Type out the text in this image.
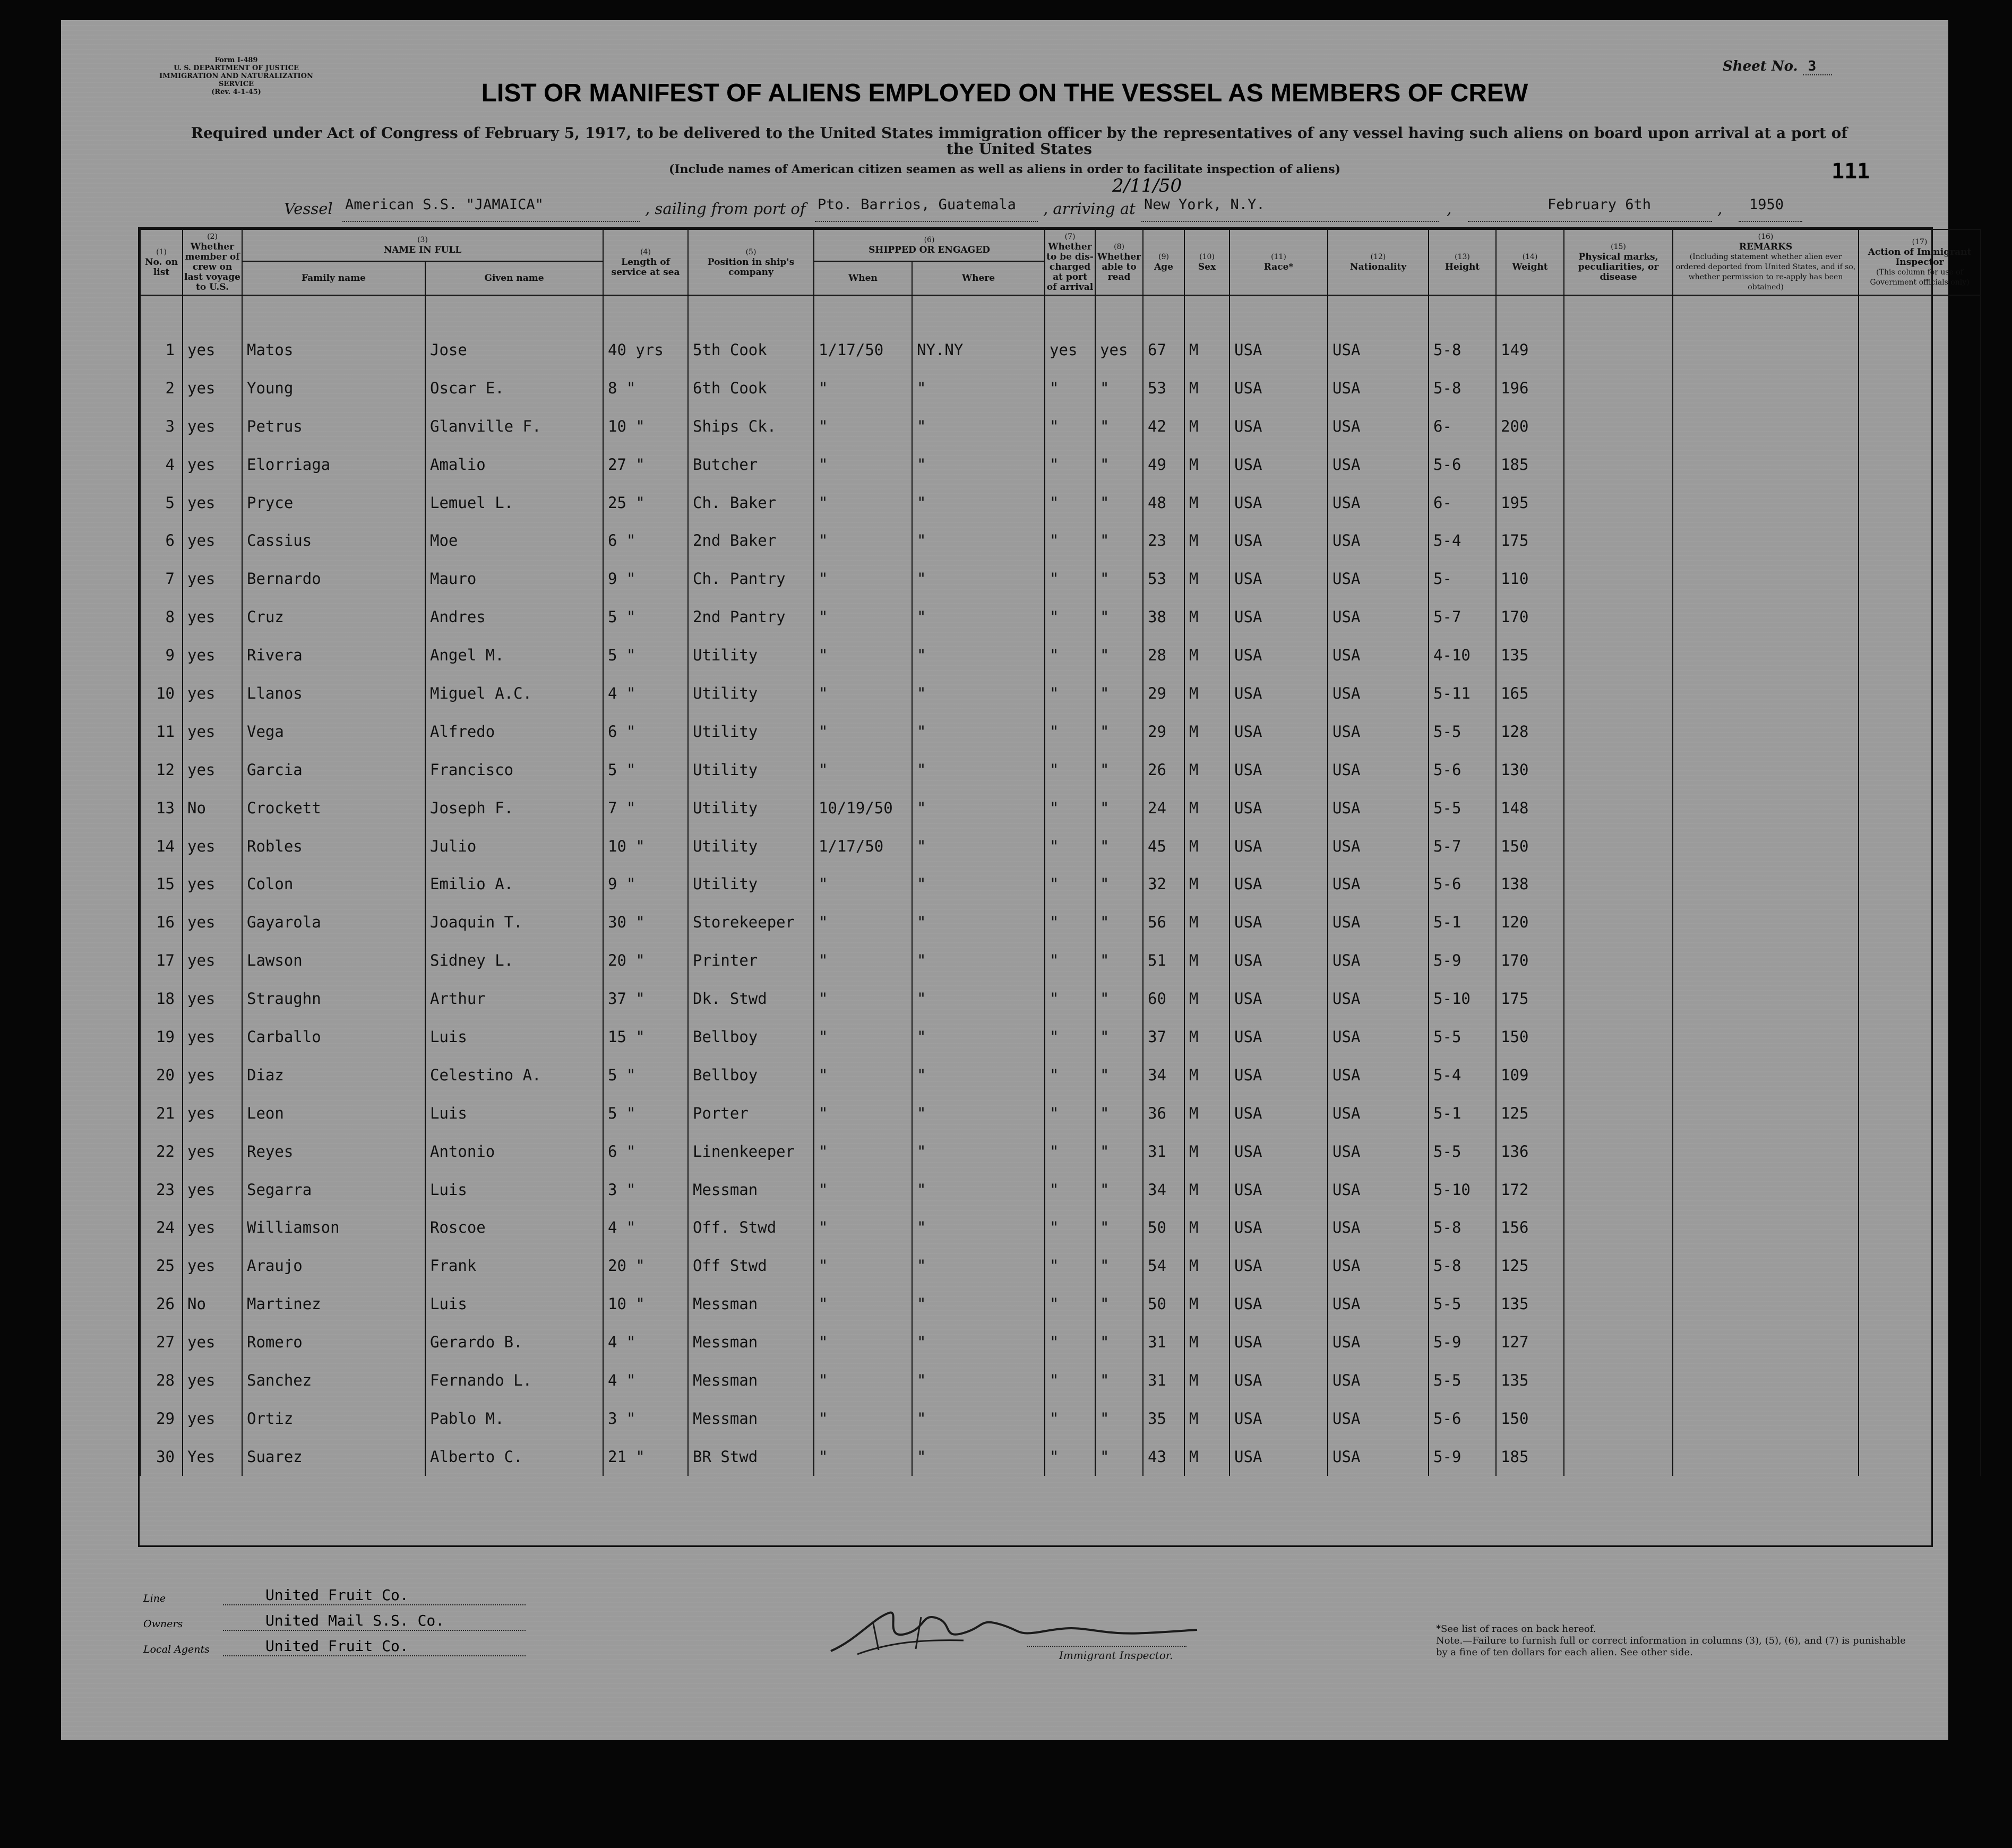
Form I-489
U. S. DEPARTMENT OF JUSTICE
IMMIGRATION AND NATURALIZATION SERVICE
(Rev. 4-1-45)
Sheet No. 3
LIST OR MANIFEST OF ALIENS EMPLOYED ON THE VESSEL AS MEMBERS OF CREW
Required under Act of Congress of February 5, 1917, to be delivered to the United States immigration officer by the representatives of any vessel having such aliens on board upon arrival at a port of the United States
(Include names of American citizen seamen as well as aliens in order to facilitate inspection of aliens)
2/11/50
111
Vessel American S.S. "JAMAICA"	, sailing from port of Pto. Barrios, Guatemala , arriving at New York, N.Y.	,	February 6th	, 1950
(1)
No. on list	(2)
Whether member of crew on last voyage to U.S.	(3)
NAME IN FULL		(4)
Length of service at sea	(5)
Position in ship's company	(6)
SHIPPED OR ENGAGED		(7)
Whether to be dis-charged at port of arrival	(8)
Whether able to read	(9)
Age	(10)
Sex	(11)
Race*	(12)
Nationality	(13)
Height	(14)
Weight	(15)
Physical marks, peculiarities, or disease	(16)
REMARKS
(Including statement whether alien ever ordered deported from United States, and if so, whether permission to re-apply has been obtained)	(17)
Action of Immigrant Inspector
(This column for use of Government officials only)

		Family name	Given name			When	Where											

1	yes	Matos	Jose	40 yrs	5th Cook	1/17/50	NY.NY	yes	yes	67	M	USA	USA	5-8	149			
2	yes	Young	Oscar E.	8 "	6th Cook	"	"	"	"	53	M	USA	USA	5-8	196			
3	yes	Petrus	Glanville F.	10 "	Ships Ck.	"	"	"	"	42	M	USA	USA	6-	200			
4	yes	Elorriaga	Amalio	27 "	Butcher	"	"	"	"	49	M	USA	USA	5-6	185			
5	yes	Pryce	Lemuel L.	25 "	Ch. Baker	"	"	"	"	48	M	USA	USA	6-	195			
6	yes	Cassius	Moe	6 "	2nd Baker	"	"	"	"	23	M	USA	USA	5-4	175			
7	yes	Bernardo	Mauro	9 "	Ch. Pantry	"	"	"	"	53	M	USA	USA	5-	110			
8	yes	Cruz	Andres	5 "	2nd Pantry	"	"	"	"	38	M	USA	USA	5-7	170			
9	yes	Rivera	Angel M.	5 "	Utility	"	"	"	"	28	M	USA	USA	4-10	135			
10	yes	Llanos	Miguel A.C.	4 "	Utility	"	"	"	"	29	M	USA	USA	5-11	165			
11	yes	Vega	Alfredo	6 "	Utility	"	"	"	"	29	M	USA	USA	5-5	128			
12	yes	Garcia	Francisco	5 "	Utility	"	"	"	"	26	M	USA	USA	5-6	130			
13	No	Crockett	Joseph F.	7 "	Utility	10/19/50	"	"	"	24	M	USA	USA	5-5	148			
14	yes	Robles	Julio	10 "	Utility	1/17/50	"	"	"	45	M	USA	USA	5-7	150			
15	yes	Colon	Emilio A.	9 "	Utility	"	"	"	"	32	M	USA	USA	5-6	138			
16	yes	Gayarola	Joaquin T.	30 "	Storekeeper	"	"	"	"	56	M	USA	USA	5-1	120			
17	yes	Lawson	Sidney L.	20 "	Printer	"	"	"	"	51	M	USA	USA	5-9	170			
18	yes	Straughn	Arthur	37 "	Dk. Stwd	"	"	"	"	60	M	USA	USA	5-10	175			
19	yes	Carballo	Luis	15 "	Bellboy	"	"	"	"	37	M	USA	USA	5-5	150			
20	yes	Diaz	Celestino A.	5 "	Bellboy	"	"	"	"	34	M	USA	USA	5-4	109			
21	yes	Leon	Luis	5 "	Porter	"	"	"	"	36	M	USA	USA	5-1	125			
22	yes	Reyes	Antonio	6 "	Linenkeeper	"	"	"	"	31	M	USA	USA	5-5	136			
23	yes	Segarra	Luis	3 "	Messman	"	"	"	"	34	M	USA	USA	5-10	172			
24	yes	Williamson	Roscoe	4 "	Off. Stwd	"	"	"	"	50	M	USA	USA	5-8	156			
25	yes	Araujo	Frank	20 "	Off Stwd	"	"	"	"	54	M	USA	USA	5-8	125			
26	No	Martinez	Luis	10 "	Messman	"	"	"	"	50	M	USA	USA	5-5	135			
27	yes	Romero	Gerardo B.	4 "	Messman	"	"	"	"	31	M	USA	USA	5-9	127			
28	yes	Sanchez	Fernando L.	4 "	Messman	"	"	"	"	31	M	USA	USA	5-5	135			
29	yes	Ortiz	Pablo M.	3 "	Messman	"	"	"	"	35	M	USA	USA	5-6	150			
30	Yes	Suarez	Alberto C.	21 "	BR Stwd	"	"	"	"	43	M	USA	USA	5-9	185			
Line	United Fruit Co.
Owners	United Mail S.S. Co.
Local Agents	United Fruit Co.
Immigrant Inspector.
*See list of races on back hereof.
Note.—Failure to furnish full or correct information in columns (3), (5), (6), and (7) is punishable by a fine of ten dollars for each alien. See other side.
